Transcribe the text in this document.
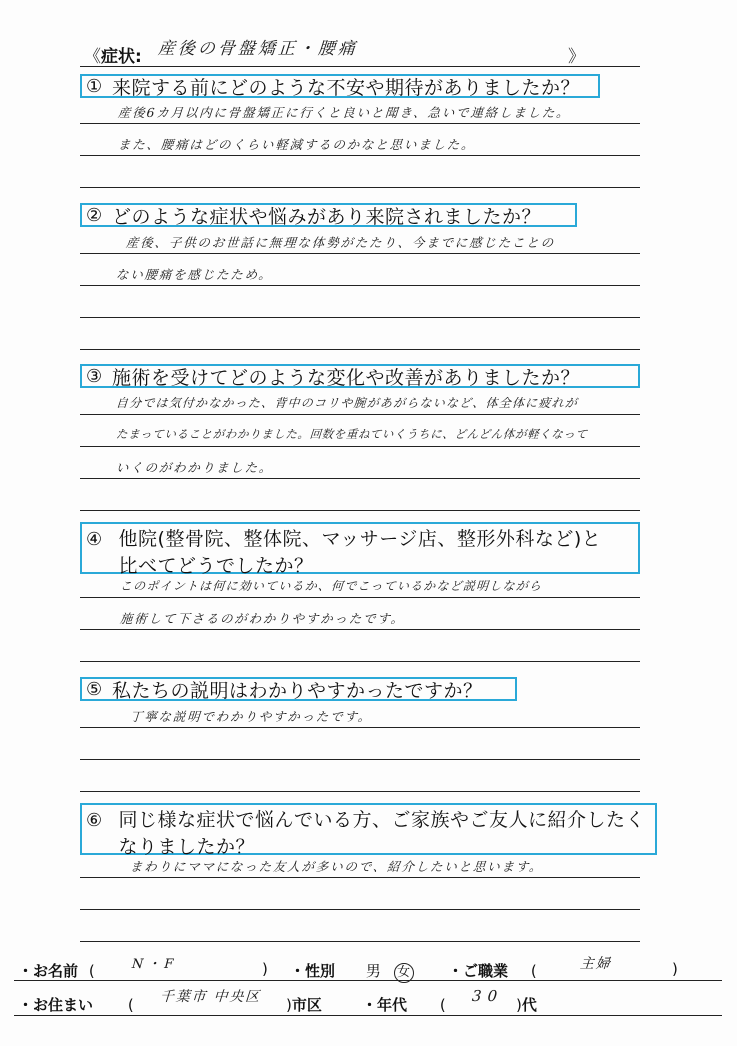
《症状: 産後の骨盤矯正・腰痛	》
① 来院する前にどのような不安や期待がありましたか？
産後6カ月以内に骨盤矯正に行くと良いと聞き、急いで連絡しました。
また、腰痛はどのくらい軽減するのかなと思いました。
② どのような症状や悩みがあり来院されましたか？
産後、子供のお世話に無理な体勢がたたり、今までに感じたことの
ない腰痛を感じたため。
③ 施術を受けてどのような変化や改善がありましたか？
自分では気付かなかった、背中のコリや腕があがらないなど、体全体に疲れが
たまっていることがわかりました。回数を重ねていくうちに、どんどん体が軽くなって
いくのがわかりました。
④ 他院(整骨院、整体院、マッサージ店、整形外科など)と
比べてどうでしたか？
このポイントは何に効いているか、何でこっているかなど説明しながら
施術して下さるのがわかりやすかったです。
⑤ 私たちの説明はわかりやすかったですか？
丁寧な説明でわかりやすかったです。
⑥ 同じ様な症状で悩んでいる方、ご家族やご友人に紹介したく
なりましたか？
まわりにママになった友人が多いので、紹介したいと思います。
・お名前 (	N・F	) ・性別 男 女	・ご職業 (	主婦	)
・お住まい ( 千葉市 中央区 )市区	・年代 ( 30 )代
